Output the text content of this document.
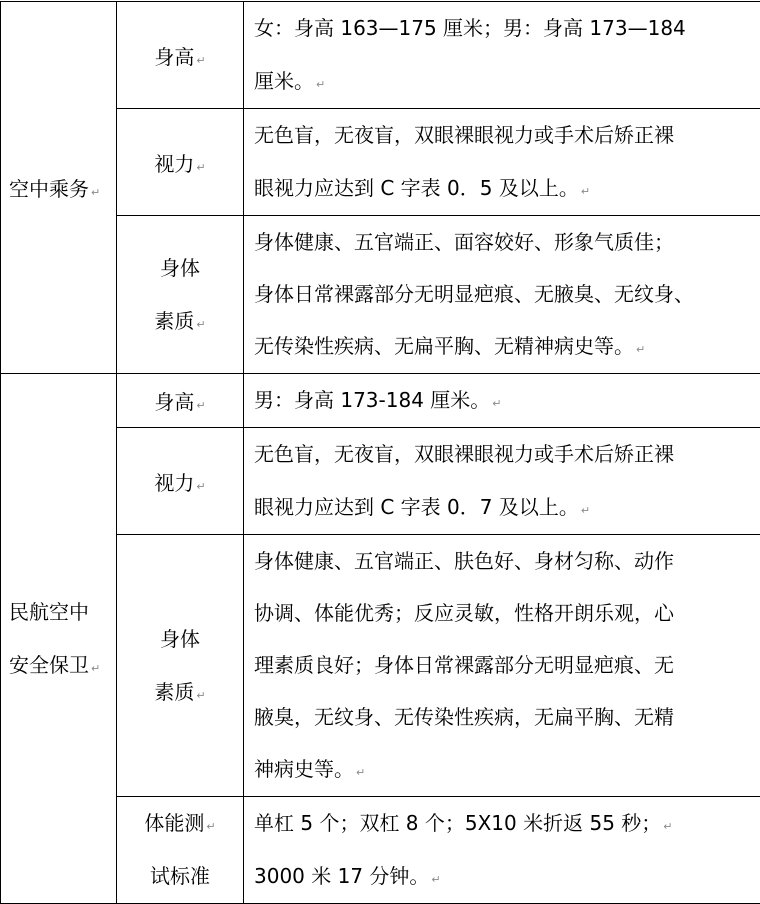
空中乘务 ↵	身高 ↵	女：身高 163—175 厘米；男：身高 173—184
厘米。 ↵

	视力 ↵	无色盲，无夜盲，双眼裸眼视力或手术后矫正裸
眼视力应达到 C 字表 0．5 及以上。 ↵

	身体
素质 ↵	身体健康、五官端正、面容姣好、形象气质佳；
身体日常裸露部分无明显疤痕、无腋臭、无纹身、
无传染性疾病、无扁平胸、无精神病史等。 ↵

民航空中
安全保卫 ↵	身高 ↵	男：身高 173-184 厘米。 ↵

	视力 ↵	无色盲，无夜盲，双眼裸眼视力或手术后矫正裸
眼视力应达到 C 字表 0．7 及以上。 ↵

	身体
素质 ↵	身体健康、五官端正、肤色好、身材匀称、动作
协调、体能优秀；反应灵敏，性格开朗乐观，心
理素质良好；身体日常裸露部分无明显疤痕、无
腋臭，无纹身、无传染性疾病，无扁平胸、无精
神病史等。 ↵

	体能测 ↵
试标准	单杠 5 个；双杠 8 个；5X10 米折返 55 秒； ↵
3000 米 17 分钟。 ↵
